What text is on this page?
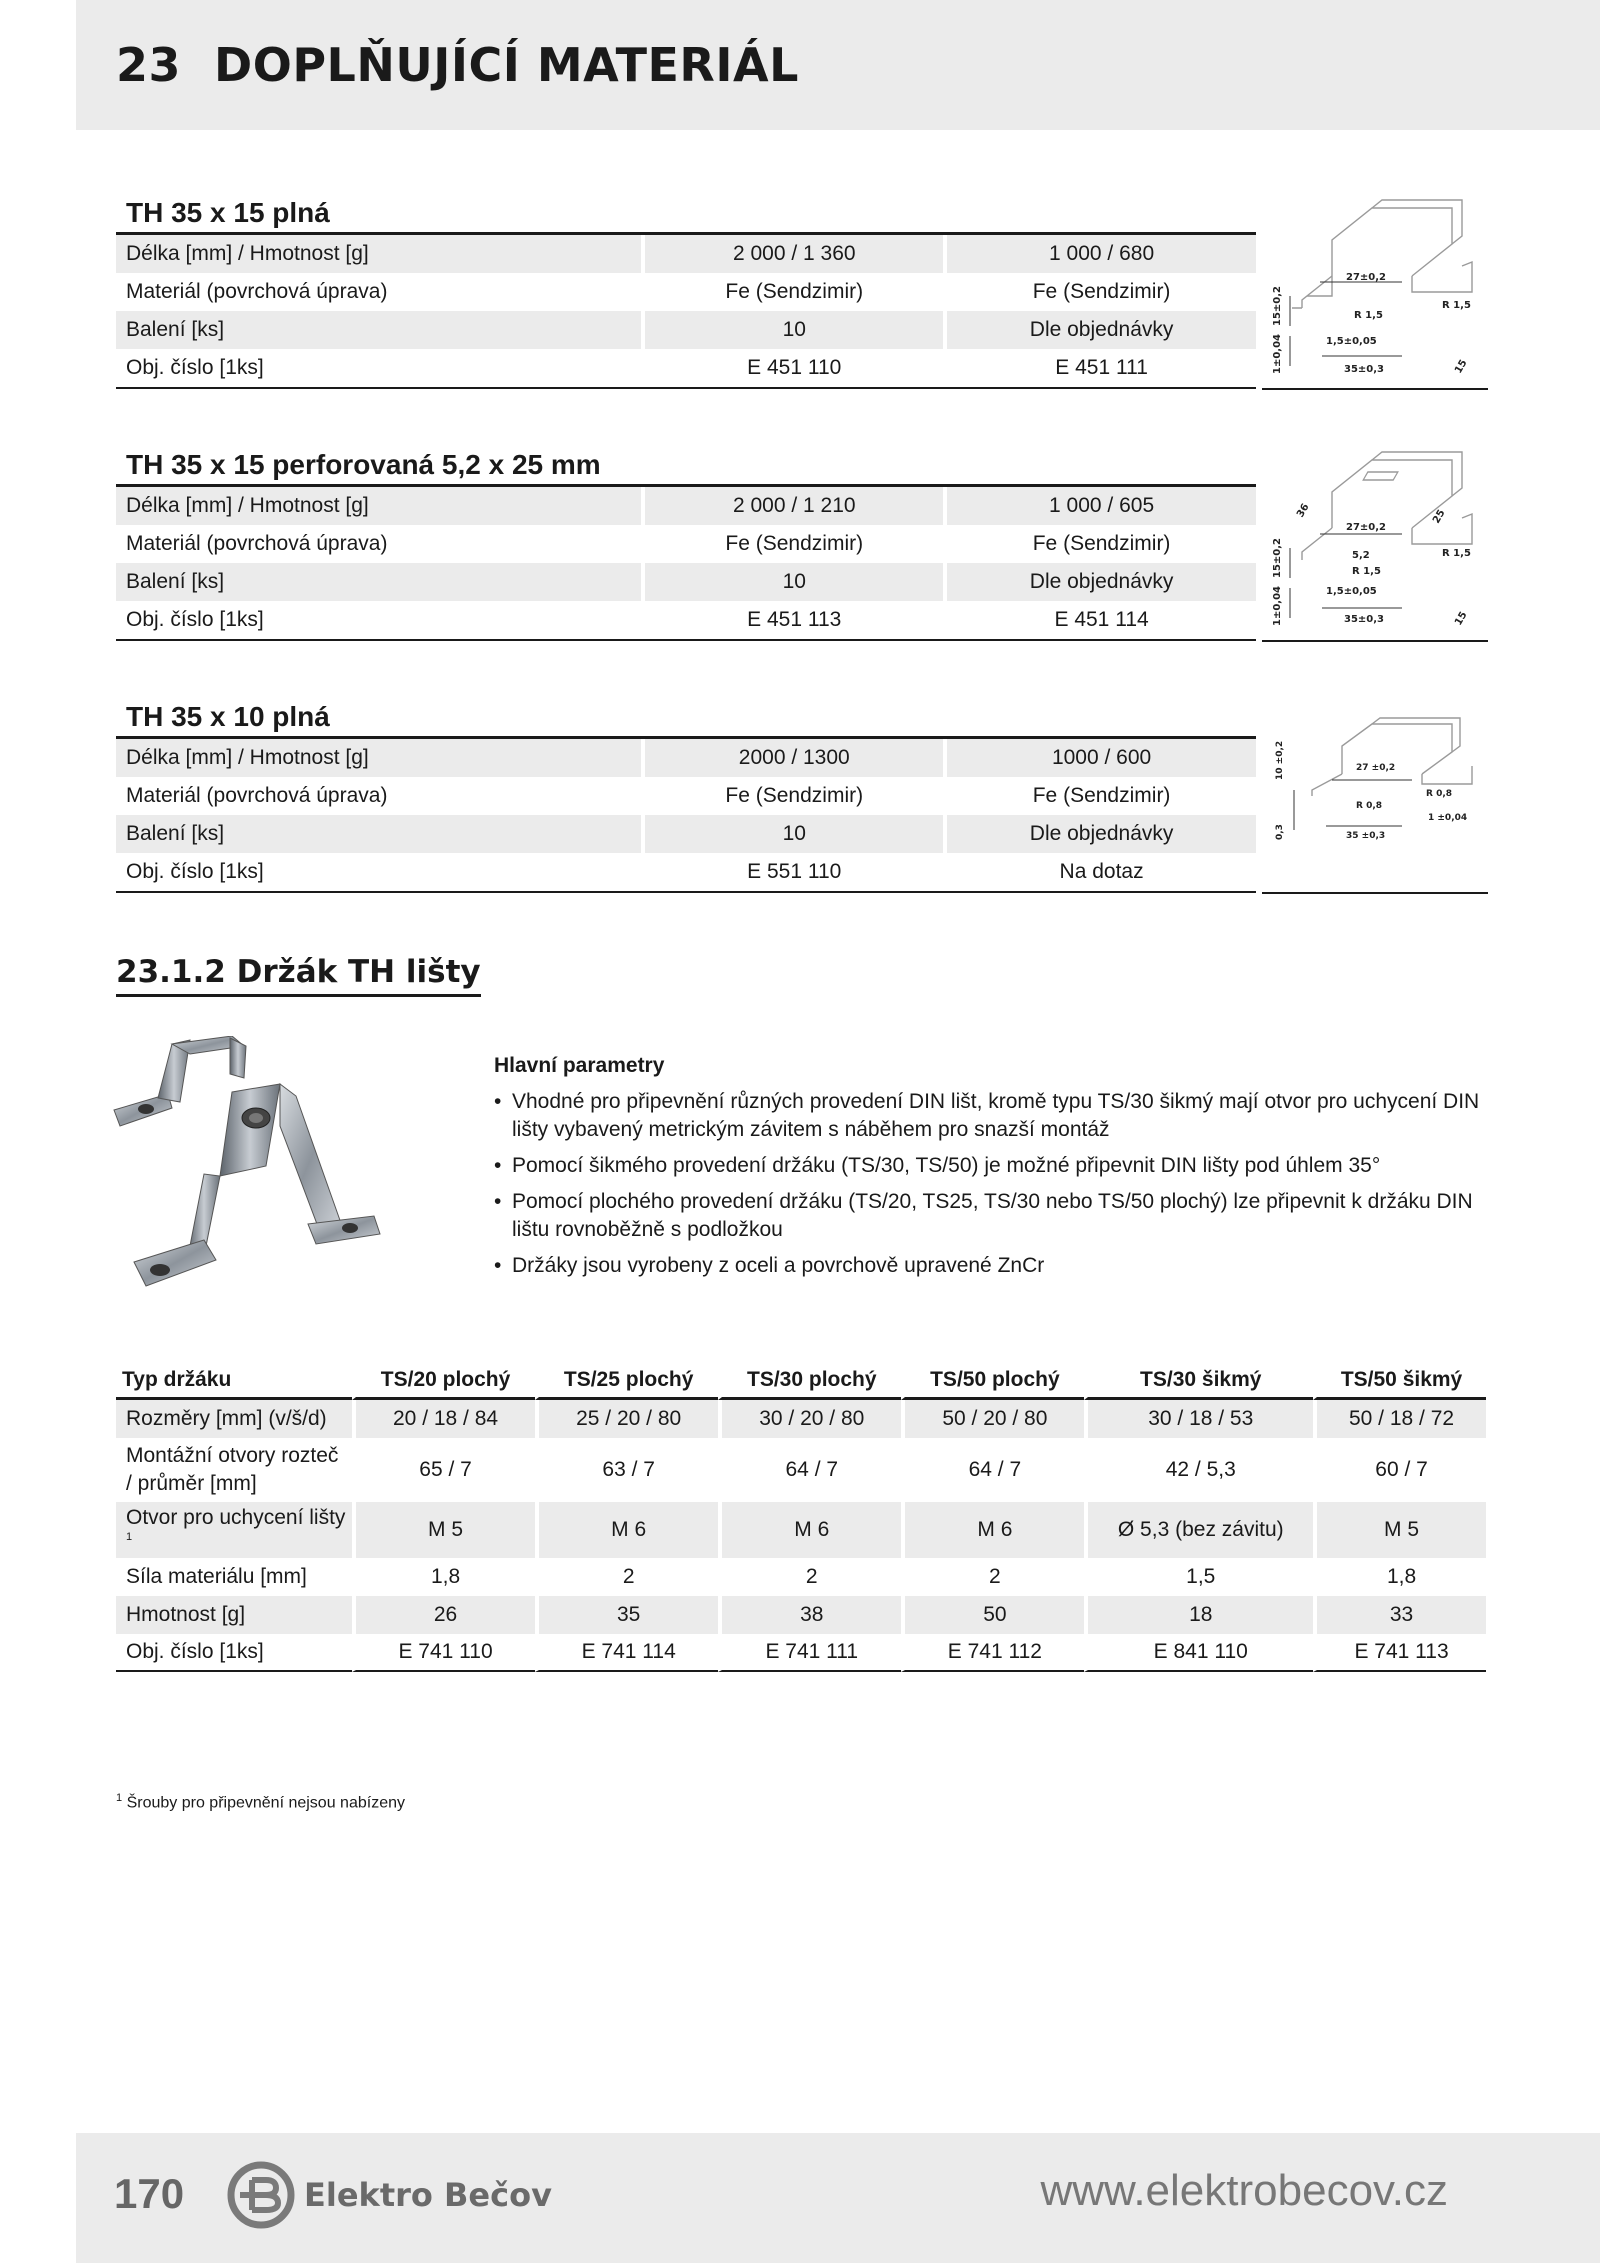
23 DOPLŇUJÍCÍ MATERIÁL
TH 35 x 15 plná
Délka [mm] / Hmotnost [g]	2 000 / 1 360	1 000 / 680
Materiál (povrchová úprava)	Fe (Sendzimir)	Fe (Sendzimir)
Balení [ks]	10	Dle objednávky
Obj. číslo [1ks]	E 451 110	E 451 111
27±0,2
R 1,5
R 1,5
1,5±0,05
35±0,3
15±0,2
1±0,04	15
TH 35 x 15 perforovaná 5,2 x 25 mm
Délka [mm] / Hmotnost [g]	2 000 / 1 210	1 000 / 605
Materiál (povrchová úprava)	Fe (Sendzimir)	Fe (Sendzimir)
Balení [ks]	10	Dle objednávky
Obj. číslo [1ks]	E 451 113	E 451 114
36
27±0,2
25
5,2
R 1,5
R 1,5
1,5±0,05
35±0,3
15±0,2
1±0,04	15
TH 35 x 10 plná
Délka [mm] / Hmotnost [g]	2000 / 1300	1000 / 600
Materiál (povrchová úprava)	Fe (Sendzimir)	Fe (Sendzimir)
Balení [ks]	10	Dle objednávky
Obj. číslo [1ks]	E 551 110	Na dotaz
27 ±0,2
R 0,8
R 0,8
1 ±0,04
35 ±0,3
10 ±0,2
0,3
23.1.2 Držák TH lišty
Hlavní parametry
• Vhodné pro připevnění různých provedení DIN lišt, kromě typu TS/30 šikmý mají otvor pro uchycení DIN lišty vybavený metrickým závitem s náběhem pro snazší montáž
• Pomocí šikmého provedení držáku (TS/30, TS/50) je možné připevnit DIN lišty pod úhlem 35°
• Pomocí plochého provedení držáku (TS/20, TS25, TS/30 nebo TS/50 plochý) lze připevnit k držáku DIN lištu rovnoběžně s podložkou
• Držáky jsou vyrobeny z oceli a povrchově upravené ZnCr
Typ držáku	TS/20 plochý	TS/25 plochý	TS/30 plochý	TS/50 plochý	TS/30 šikmý	TS/50 šikmý
Rozměry [mm] (v/š/d)	20 / 18 / 84	25 / 20 / 80	30 / 20 / 80	50 / 20 / 80	30 / 18 / 53	50 / 18 / 72
Montážní otvory rozteč / průměr [mm]	65 / 7	63 / 7	64 / 7	64 / 7	42 / 5,3	60 / 7
Otvor pro uchycení lišty $^1$	M 5	M 6	M 6	M 6	Ø 5,3 (bez závitu)	M 5
Síla materiálu [mm]	1,8	2	2	2	1,5	1,8
Hmotnost [g]	26	35	38	50	18	33
Obj. číslo [1ks]	E 741 110	E 741 114	E 741 111	E 741 112	E 841 110	E 741 113
$^1$ Šrouby pro připevnění nejsou nabízeny
170	Elektro Bečov	www.elektrobecov.cz
